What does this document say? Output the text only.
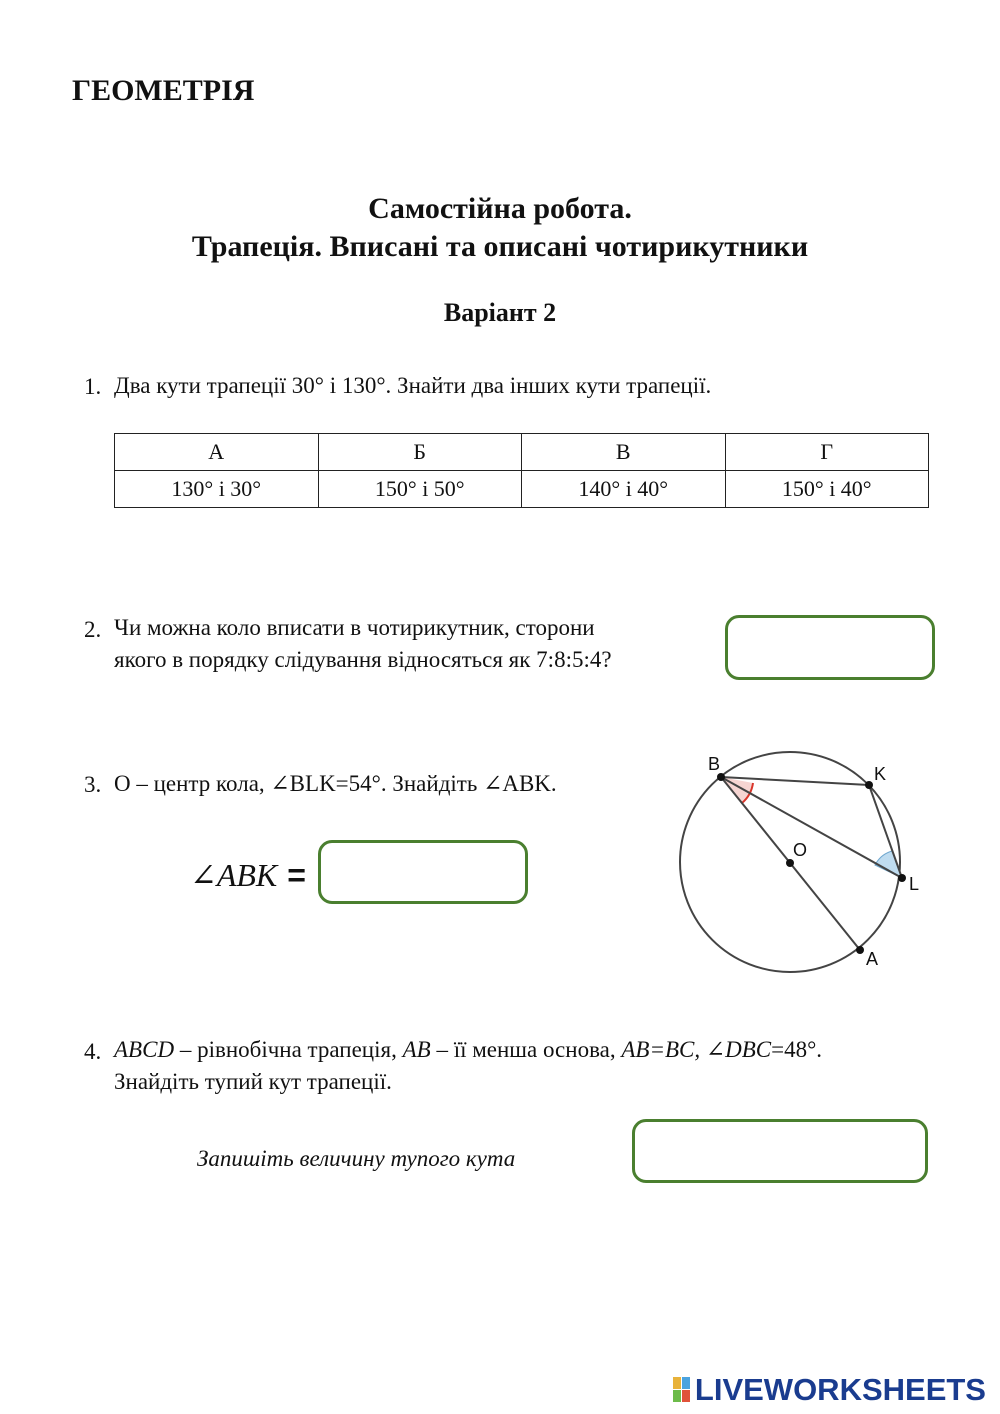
ГЕОМЕТРІЯ
Самостійна робота.
Трапеція. Вписані та описані чотирикутники
Варіант 2
1. Два кути трапеції 30° і 130°. Знайти два інших кути трапеції.
А	Б	В	Г
130° і 30°	150° і 50°	140° і 40°	150° і 40°
2. Чи можна коло вписати в чотирикутник, сторони
якого в порядку слідування відносяться як 7:8:5:4?
3. О – центр кола, ∠BLK=54°. Знайдіть ∠ABK.
∠ABK =
B	K
O
L
A
4. ABCD – рівнобічна трапеція, AB – її менша основа, AB=BC, ∠DBC=48°.
Знайдіть тупий кут трапеції.
Запишіть величину тупого кута
LIVEWORKSHEETS
